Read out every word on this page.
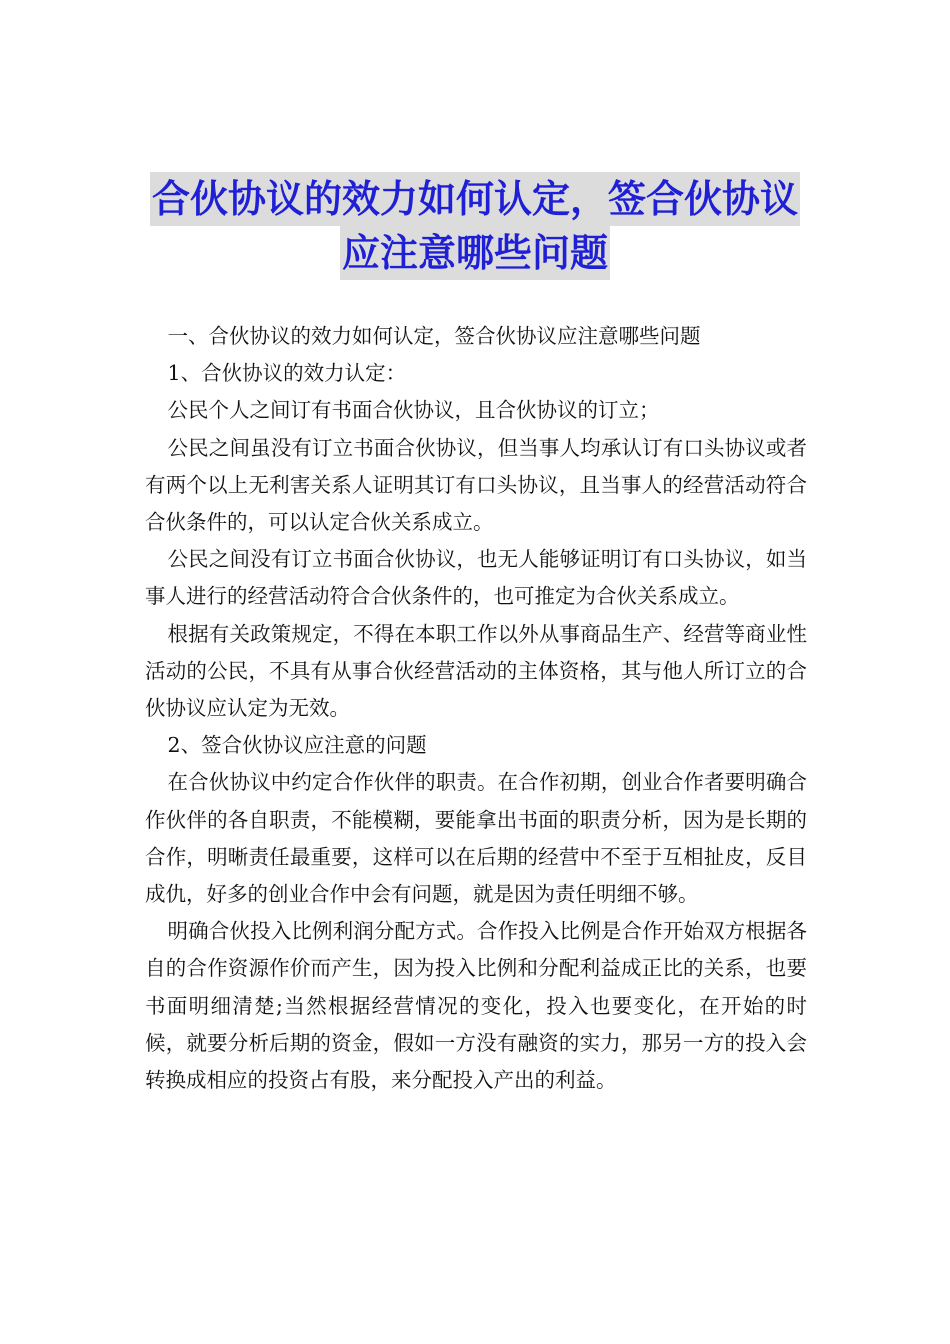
合伙协议的效力如何认定，签合伙协议
应注意哪些问题

一、合伙协议的效力如何认定，签合伙协议应注意哪些问题

1、合伙协议的效力认定：

公民个人之间订有书面合伙协议，且合伙协议的订立；

公民之间虽没有订立书面合伙协议，但当事人均承认订有口头协议或者有两个以上无利害关系人证明其订有口头协议，且当事人的经营活动符合合伙条件的，可以认定合伙关系成立。

公民之间没有订立书面合伙协议，也无人能够证明订有口头协议，如当事人进行的经营活动符合合伙条件的，也可推定为合伙关系成立。

根据有关政策规定，不得在本职工作以外从事商品生产、经营等商业性活动的公民，不具有从事合伙经营活动的主体资格，其与他人所订立的合伙协议应认定为无效。

2、签合伙协议应注意的问题

在合伙协议中约定合作伙伴的职责。在合作初期，创业合作者要明确合作伙伴的各自职责，不能模糊，要能拿出书面的职责分析，因为是长期的合作，明晰责任最重要，这样可以在后期的经营中不至于互相扯皮，反目成仇，好多的创业合作中会有问题，就是因为责任明细不够。

明确合伙投入比例利润分配方式。合作投入比例是合作开始双方根据各自的合作资源作价而产生，因为投入比例和分配利益成正比的关系，也要书面明细清楚;当然根据经营情况的变化，投入也要变化，在开始的时候，就要分析后期的资金，假如一方没有融资的实力，那另一方的投入会转换成相应的投资占有股，来分配投入产出的利益。
